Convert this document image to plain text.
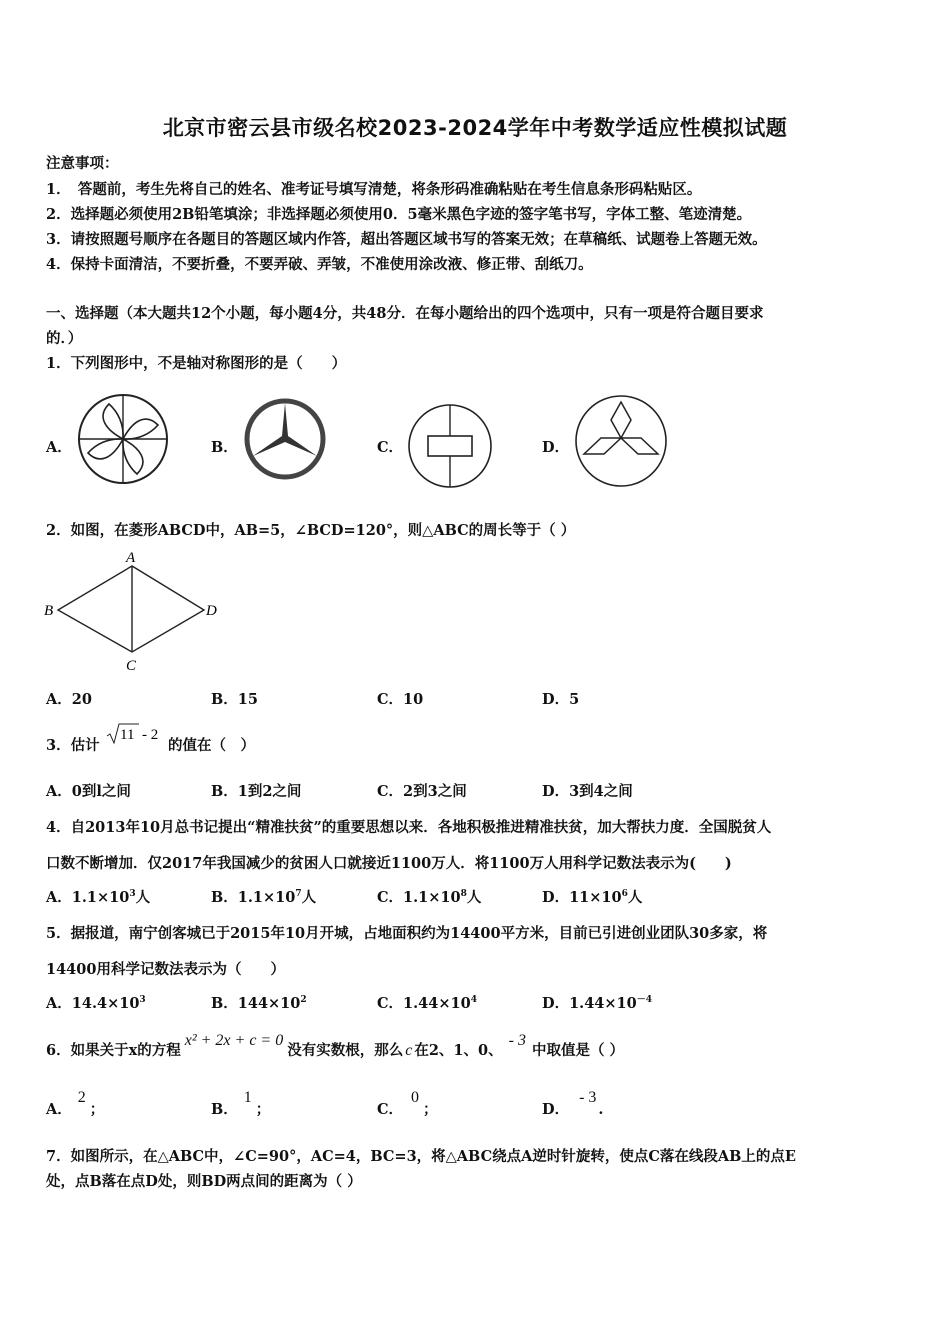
北京市密云县市级名校2023-2024学年中考数学适应性模拟试题
注意事项：
1．　答题前，考生先将自己的姓名、准考证号填写清楚，将条形码准确粘贴在考生信息条形码粘贴区。
2．选择题必须使用2B铅笔填涂；非选择题必须使用0．5毫米黑色字迹的签字笔书写，字体工整、笔迹清楚。
3．请按照题号顺序在各题目的答题区域内作答，超出答题区域书写的答案无效；在草稿纸、试题卷上答题无效。
4．保持卡面清洁，不要折叠，不要弄破、弄皱，不准使用涂改液、修正带、刮纸刀。
一、选择题（本大题共12个小题，每小题4分，共48分．在每小题给出的四个选项中，只有一项是符合题目要求
的．）
1．下列图形中，不是轴对称图形的是（　　）
A．	B．	C．	D．
2．如图，在菱形ABCD中，AB=5，∠BCD=120°，则△ABC的周长等于（ ）
A
B
C
D
A．20	B．15	C．10	D．5
3．估计
11 - 2
的值在（　）
A．0到l之间	B．1到2之间	C．2到3之间	D．3到4之间
4．自2013年10月总书记提出“精准扶贫”的重要思想以来．各地积极推进精准扶贫，加大帮扶力度．全国脱贫人
口数不断增加．仅2017年我国减少的贫困人口就接近1100万人．将1100万人用科学记数法表示为(　　)
A．$1.1\times 10^3$人	B．$1.1\times 10^7$人	C．$1.1\times 10^8$人	D．$11\times 10^6$人
5．据报道，南宁创客城已于2015年10月开城，占地面积约为14400平方米，目前已引进创业团队30多家，将
14400用科学记数法表示为（　　）
A．$14.4\times 10^3$	B．$144\times 10^2$	C．$1.44\times 10^4$	D．$1.44\times 10^{-4}$
6．如果关于x的方程x² + 2x + c = 0没有实数根，那么 c 在2、1、0、- 3中取值是（ ）
A．2；	B．1；	C．0；	D．- 3.
7．如图所示，在△ABC中，∠C=90°，AC=4，BC=3，将△ABC绕点A逆时针旋转，使点C落在线段AB上的点E
处，点B落在点D处，则BD两点间的距离为（ ）
